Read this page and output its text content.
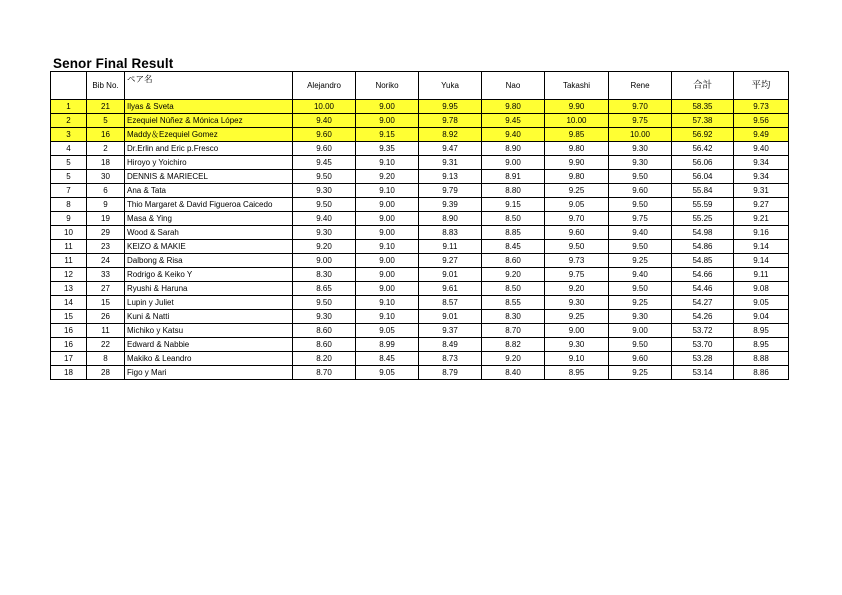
Senor Final Result
	Bib No.	ペア名	Alejandro	Noriko	Yuka	Nao	Takashi	Rene	合計	平均
1	21	Ilyas & Sveta	10.00	9.00	9.95	9.80	9.90	9.70	58.35	9.73
2	5	Ezequiel Núñez & Mónica López	9.40	9.00	9.78	9.45	10.00	9.75	57.38	9.56
3	16	Maddy＆Ezequiel Gomez	9.60	9.15	8.92	9.40	9.85	10.00	56.92	9.49
4	2	Dr.Erlin and Eric p.Fresco	9.60	9.35	9.47	8.90	9.80	9.30	56.42	9.40
5	18	Hiroyo y Yoichiro	9.45	9.10	9.31	9.00	9.90	9.30	56.06	9.34
5	30	DENNIS & MARIECEL	9.50	9.20	9.13	8.91	9.80	9.50	56.04	9.34
7	6	Ana & Tata	9.30	9.10	9.79	8.80	9.25	9.60	55.84	9.31
8	9	Thio Margaret & David Figueroa Caicedo	9.50	9.00	9.39	9.15	9.05	9.50	55.59	9.27
9	19	Masa & Ying	9.40	9.00	8.90	8.50	9.70	9.75	55.25	9.21
10	29	Wood & Sarah	9.30	9.00	8.83	8.85	9.60	9.40	54.98	9.16
11	23	KEIZO & MAKIE	9.20	9.10	9.11	8.45	9.50	9.50	54.86	9.14
11	24	Dalbong & Risa	9.00	9.00	9.27	8.60	9.73	9.25	54.85	9.14
12	33	Rodrigo & Keiko Y	8.30	9.00	9.01	9.20	9.75	9.40	54.66	9.11
13	27	Ryushi & Haruna	8.65	9.00	9.61	8.50	9.20	9.50	54.46	9.08
14	15	Lupin y Juliet	9.50	9.10	8.57	8.55	9.30	9.25	54.27	9.05
15	26	Kuni & Natti	9.30	9.10	9.01	8.30	9.25	9.30	54.26	9.04
16	11	Michiko y Katsu	8.60	9.05	9.37	8.70	9.00	9.00	53.72	8.95
16	22	Edward & Nabbie	8.60	8.99	8.49	8.82	9.30	9.50	53.70	8.95
17	8	Makiko & Leandro	8.20	8.45	8.73	9.20	9.10	9.60	53.28	8.88
18	28	Figo y Mari	8.70	9.05	8.79	8.40	8.95	9.25	53.14	8.86
